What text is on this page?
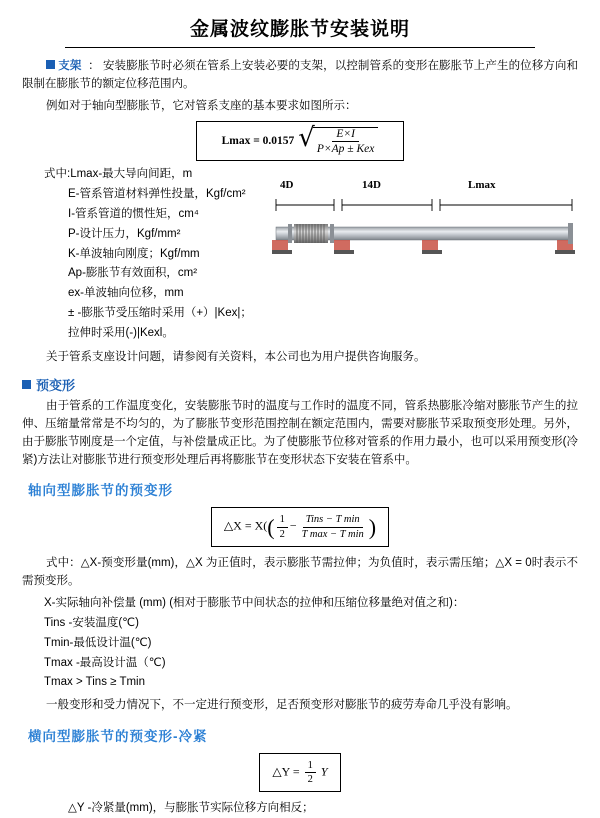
金属波纹膨胀节安装说明
支架  ： 安装膨胀节时必须在管系上安装必要的支架，以控制管系的变形在膨胀节上产生的位移方向和限制在膨胀节的额定位移范围内。
例如对于轴向型膨胀节，它对管系支座的基本要求如图所示：
Lmax = 0.0157 √
$\frac{E\times I}{\text{P×Ap ± Kex}}$
式中:Lmax-最大导向间距，m
E-管系管道材料弹性投量，Kgf/cm²
I-管系管道的惯性矩，cm⁴
P-设计压力，Kgf/mm²
K-单波轴向刚度；Kgf/mm
Ap-膨胀节有效面积，cm²
ex-单波轴向位移，mm
± -膨胀节受压缩时采用（+）|Kex|；拉伸时采用(-)|Kexl。
4D	14D	Lmax
关于管系支座设计问题，请参阅有关资料，本公司也为用户提供咨询服务。
预变形
由于管系的工作温度变化，安装膨胀节时的温度与工作时的温度不同，管系热膨胀冷缩对膨胀节产生的拉伸、压缩量常常是不均匀的，为了膨胀节变形范围控制在额定范围内，需要对膨胀节采取预变形处理。另外，由于膨胀节刚度是一个定值，与补偿量成正比。为了使膨胀节位移对管系的作用力最小，也可以采用预变形(冷紧)方法让对膨胀节进行预变形处理后再将膨胀节在变形状态下安装在管系中。
轴向型膨胀节的预变形
△X = $X(( \frac{1}{2}$ − Tins − T min
T max − T min )
式中：△X-预变形量(mm)，△X 为正值时，表示膨胀节需拉伸；为负值时，表示需压缩；△X = 0时表示不需预变形。
X-实际轴向补偿量 (mm) (相对于膨胀节中间状态的拉伸和压缩位移量绝对值之和)：
Tins -安装温度(℃)
Tmin-最低设计温(℃)
Tmax -最高设计温（℃)
Tmax > Tins ≥ Tmin
一般变形和受力情况下，不一定进行预变形，足否预变形对膨胀节的疲劳寿命几乎没有影响。
横向型膨胀节的预变形-冷紧
△Y = $\frac{1}{2}$ Y
△Y -冷紧量(mm)，与膨胀节实际位移方向相反；
